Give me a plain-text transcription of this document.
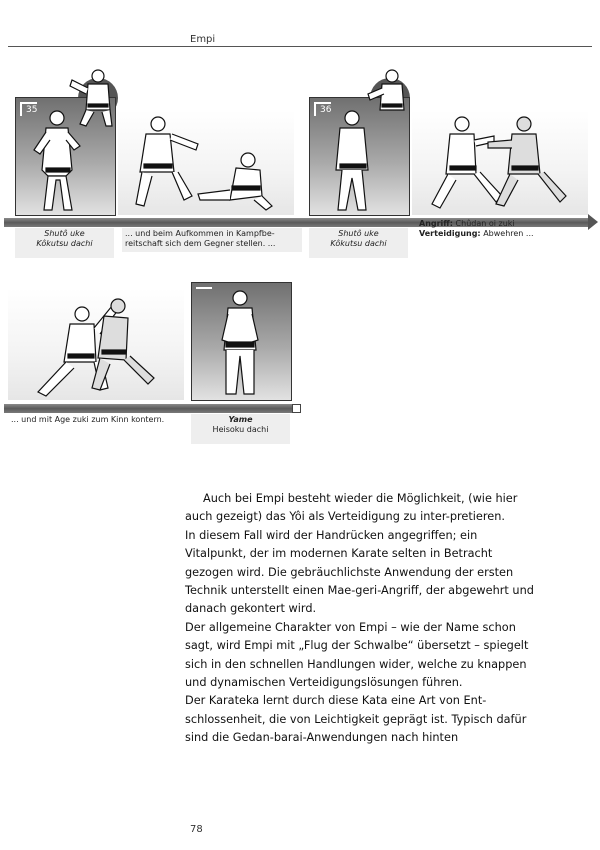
Empi
35	36
Shutô uke
Kôkutsu dachi
... und beim Aufkommen in Kampfbe-
reitschaft sich dem Gegner stellen. ...
Shutô uke
Kôkutsu dachi
Angriff: Chûdan oi zuki
Verteidigung: Abwehren ...
... und mit Age zuki zum Kinn kontern.	Yame
Heisoku dachi

Auch bei Empi besteht wieder die Möglichkeit, (wie hier auch gezeigt) das Yôi als Verteidigung zu inter-pretieren.

In diesem Fall wird der Handrücken angegriffen; ein Vitalpunkt, der im modernen Karate selten in Betracht gezogen wird. Die gebräuchlichste Anwendung der ersten Technik unterstellt einen Mae-geri-Angriff, der abgewehrt und danach gekontert wird.

Der allgemeine Charakter von Empi – wie der Name schon sagt, wird Empi mit „Flug der Schwalbe“ übersetzt – spiegelt sich in den schnellen Handlungen wider, welche zu knappen und dynamischen Verteidigungslösungen führen.

Der Karateka lernt durch diese Kata eine Art von Ent-schlossenheit, die von Leichtigkeit geprägt ist. Typisch dafür sind die Gedan-barai-Anwendungen nach hinten

78
